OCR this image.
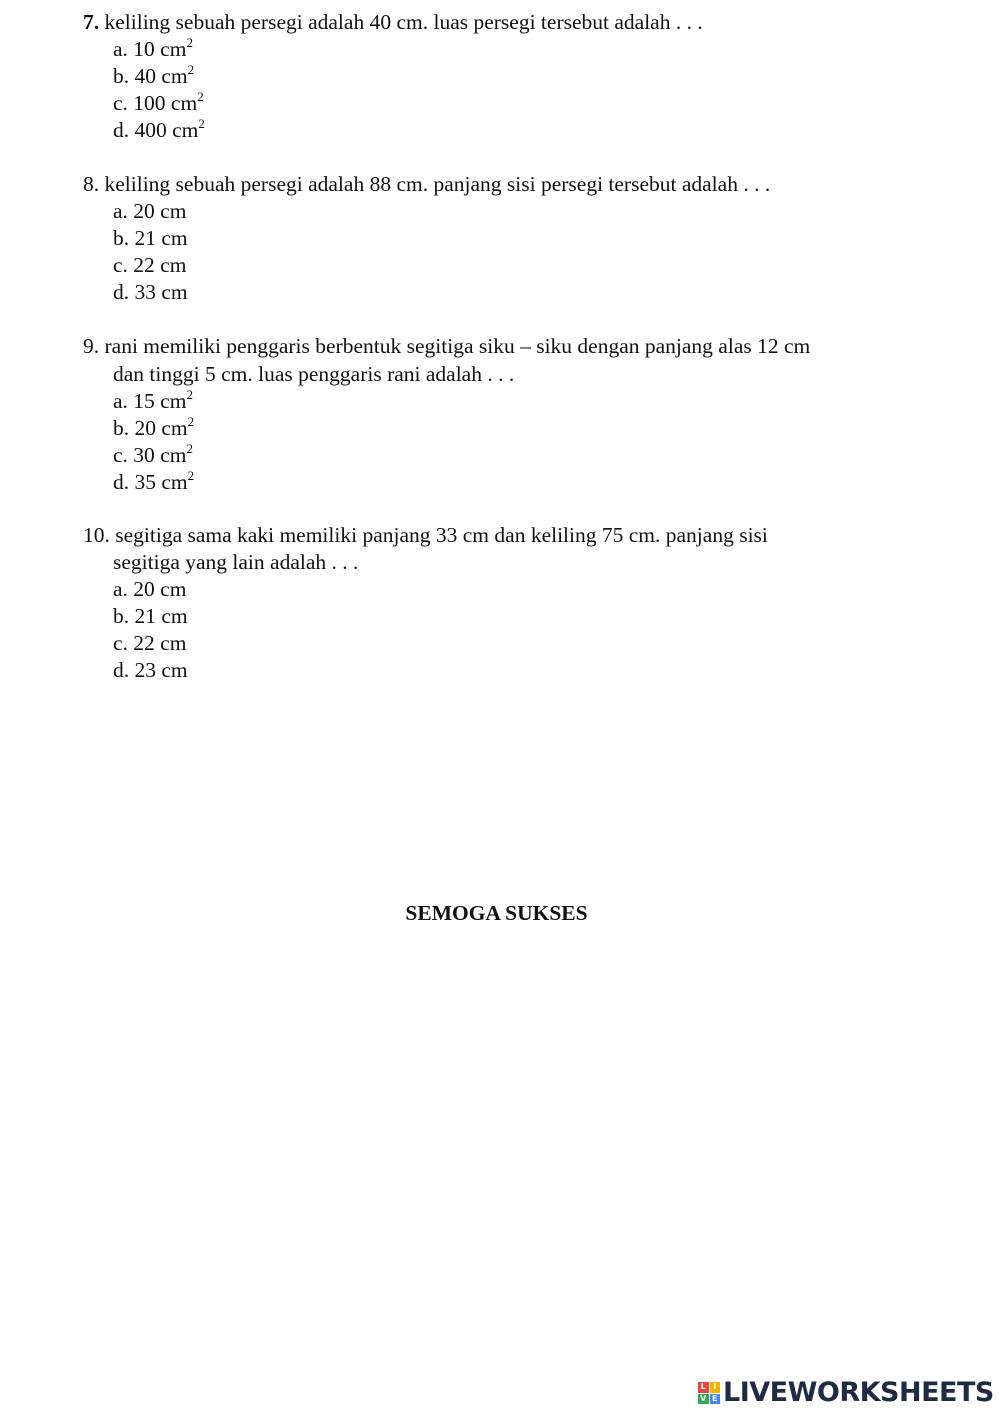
7. keliling sebuah persegi adalah 40 cm. luas persegi tersebut adalah . . .
a. 10 $cm^2$
b. 40 $cm^2$
c. 100 $cm^2$
d. 400 $cm^2$
8. keliling sebuah persegi adalah 88 cm. panjang sisi persegi tersebut adalah . . .
a. 20 cm
b. 21 cm
c. 22 cm
d. 33 cm
9. rani memiliki penggaris berbentuk segitiga siku – siku dengan panjang alas 12 cm
dan tinggi 5 cm. luas penggaris rani adalah . . .
a. 15 $cm^2$
b. 20 $cm^2$
c. 30 $cm^2$
d. 35 $cm^2$
10. segitiga sama kaki memiliki panjang 33 cm dan keliling 75 cm. panjang sisi
segitiga yang lain adalah . . .
a. 20 cm
b. 21 cm
c. 22 cm
d. 23 cm
SEMOGA SUKSES
L I
V E LIVEWORKSHEETS
